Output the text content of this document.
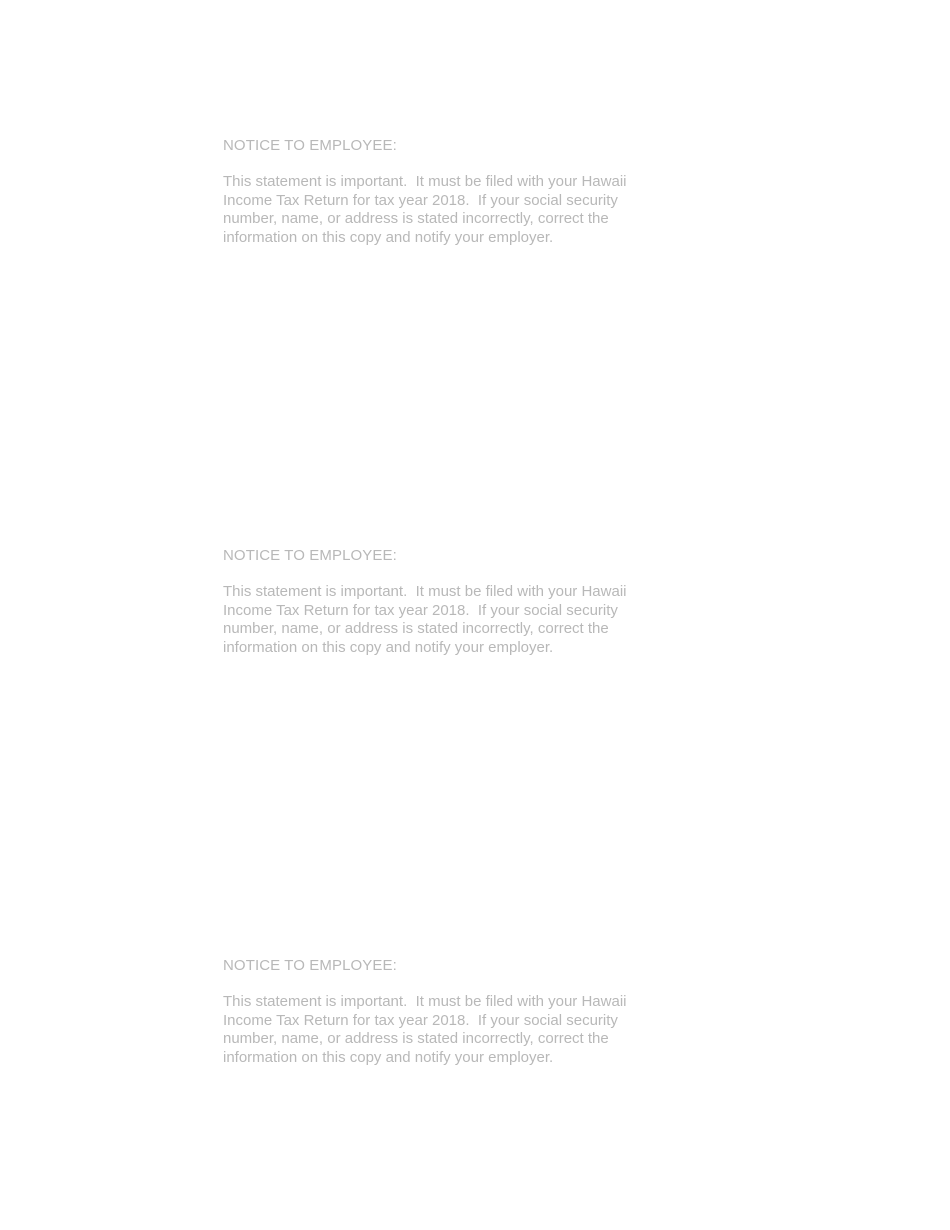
NOTICE TO EMPLOYEE:

This statement is important.  It must be filed with your Hawaii
Income Tax Return for tax year 2018.  If your social security
number, name, or address is stated incorrectly, correct the
information on this copy and notify your employer.

NOTICE TO EMPLOYEE:

This statement is important.  It must be filed with your Hawaii
Income Tax Return for tax year 2018.  If your social security
number, name, or address is stated incorrectly, correct the
information on this copy and notify your employer.

NOTICE TO EMPLOYEE:

This statement is important.  It must be filed with your Hawaii
Income Tax Return for tax year 2018.  If your social security
number, name, or address is stated incorrectly, correct the
information on this copy and notify your employer.
